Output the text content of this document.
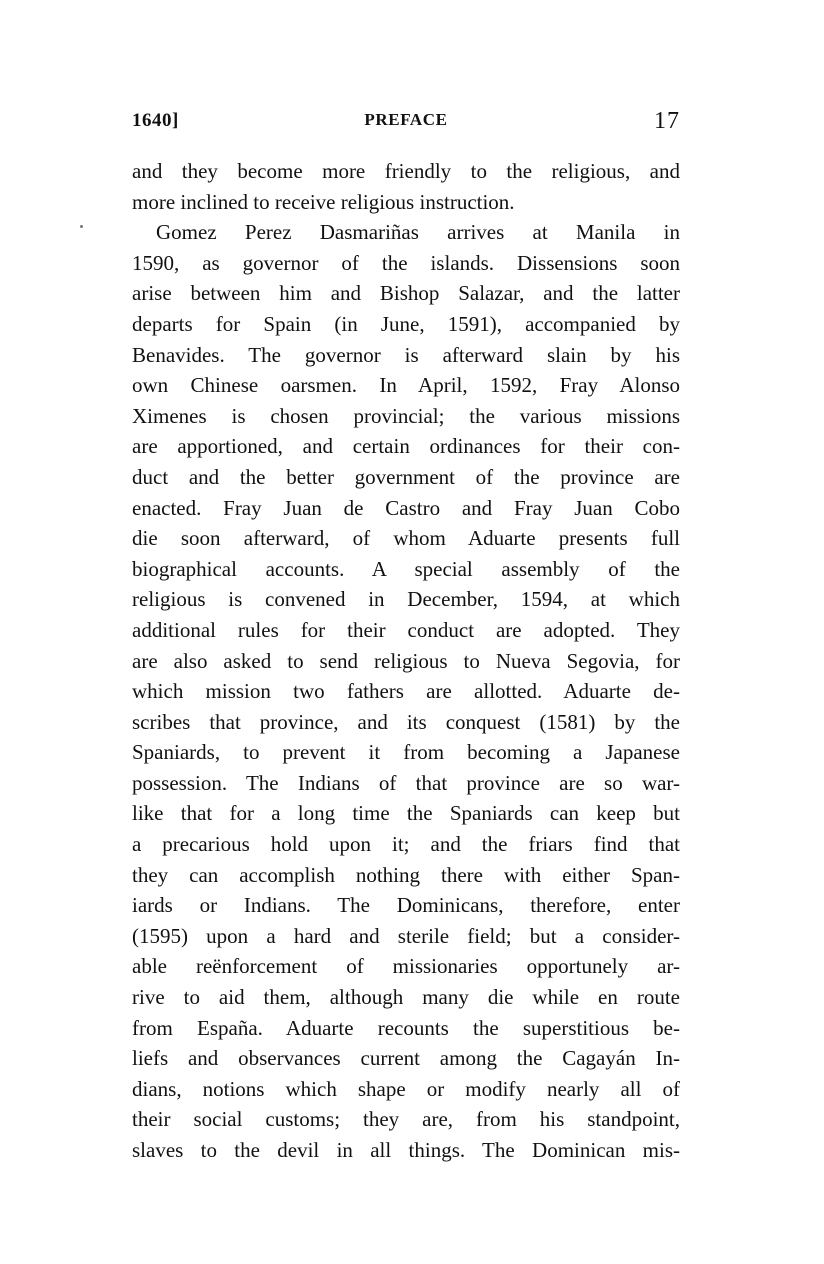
1640]	PREFACE	17
and they become more friendly to the religious, and
more inclined to receive religious instruction.
Gomez Perez Dasmariñas arrives at Manila in
1590, as governor of the islands. Dissensions soon
arise between him and Bishop Salazar, and the latter
departs for Spain (in June, 1591), accompanied by
Benavides. The governor is afterward slain by his
own Chinese oarsmen. In April, 1592, Fray Alonso
Ximenes is chosen provincial; the various missions
are apportioned, and certain ordinances for their con-
duct and the better government of the province are
enacted. Fray Juan de Castro and Fray Juan Cobo
die soon afterward, of whom Aduarte presents full
biographical accounts. A special assembly of the
religious is convened in December, 1594, at which
additional rules for their conduct are adopted. They
are also asked to send religious to Nueva Segovia, for
which mission two fathers are allotted. Aduarte de-
scribes that province, and its conquest (1581) by the
Spaniards, to prevent it from becoming a Japanese
possession. The Indians of that province are so war-
like that for a long time the Spaniards can keep but
a precarious hold upon it; and the friars find that
they can accomplish nothing there with either Span-
iards or Indians. The Dominicans, therefore, enter
(1595) upon a hard and sterile field; but a consider-
able reënforcement of missionaries opportunely ar-
rive to aid them, although many die while en route
from España. Aduarte recounts the superstitious be-
liefs and observances current among the Cagayán In-
dians, notions which shape or modify nearly all of
their social customs; they are, from his standpoint,
slaves to the devil in all things. The Dominican mis-
